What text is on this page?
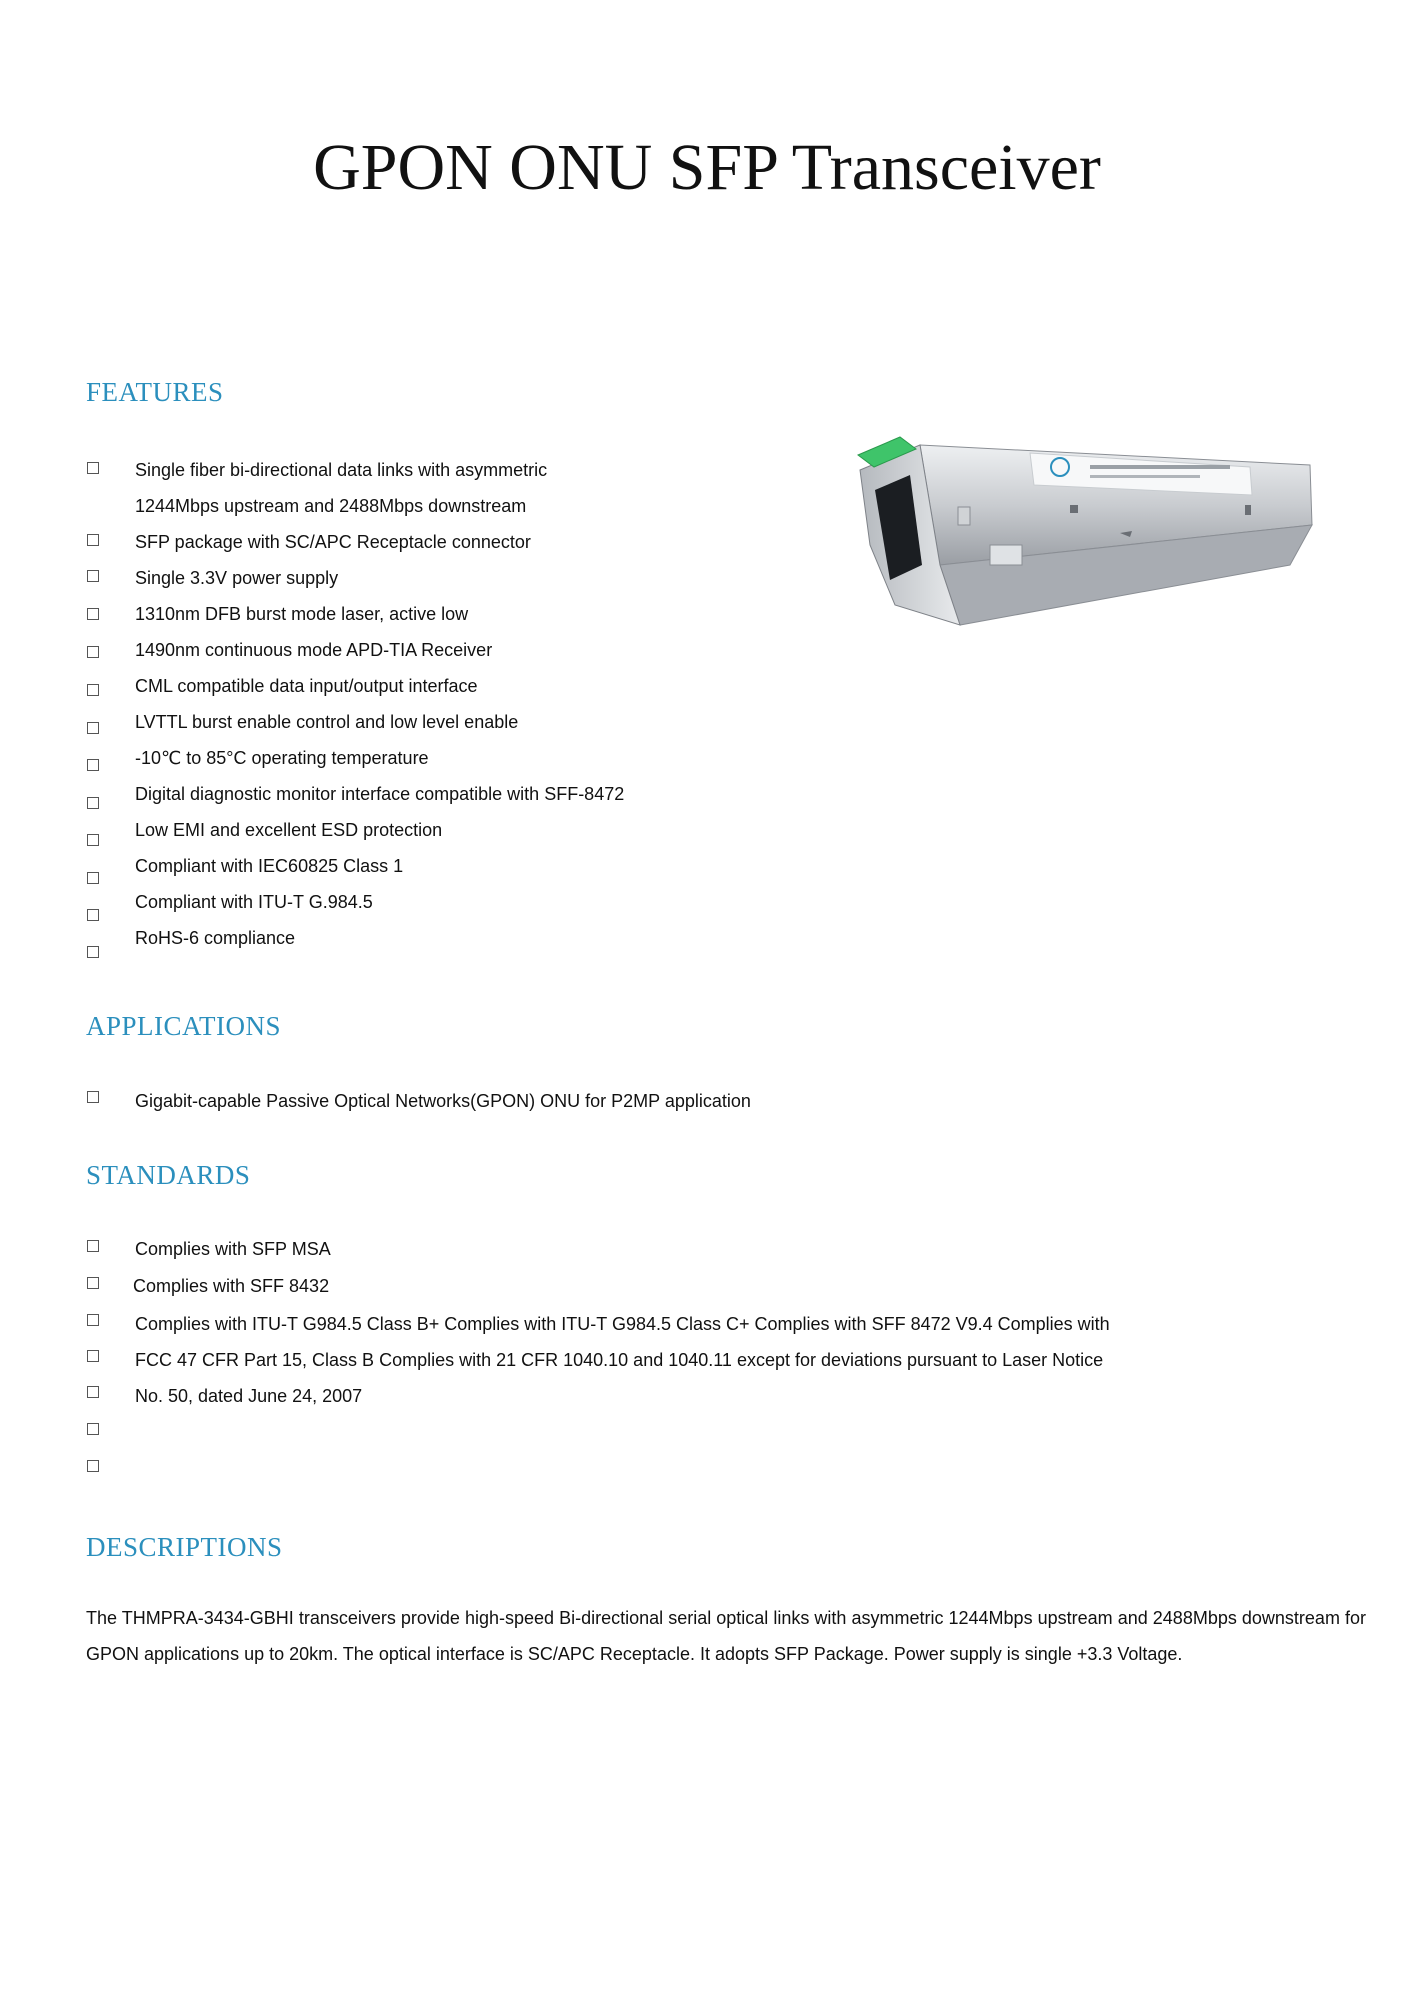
GPON ONU SFP Transceiver
FEATURES
Single fiber bi-directional data links with asymmetric
1244Mbps upstream and 2488Mbps downstream
SFP package with SC/APC Receptacle connector
Single 3.3V power supply
1310nm DFB burst mode laser, active low
1490nm continuous mode APD-TIA Receiver
CML compatible data input/output interface
LVTTL burst enable control and low level enable
-10℃ to 85°C operating temperature
Digital diagnostic monitor interface compatible with SFF-8472
Low EMI and excellent ESD protection
Compliant with IEC60825 Class 1
Compliant with ITU-T G.984.5
RoHS-6 compliance
APPLICATIONS
Gigabit-capable Passive Optical Networks(GPON) ONU for P2MP application
STANDARDS
Complies with SFP MSA
Complies with SFF 8432
Complies with ITU-T G984.5 Class B+ Complies with ITU-T G984.5 Class C+ Complies with SFF 8472 V9.4 Complies with
FCC 47 CFR Part 15, Class B Complies with 21 CFR 1040.10 and 1040.11 except for deviations pursuant to Laser Notice
No. 50, dated June 24, 2007
DESCRIPTIONS
The THMPRA-3434-GBHI transceivers provide high-speed Bi-directional serial optical links with asymmetric 1244Mbps upstream and 2488Mbps downstream for GPON applications up to 20km. The optical interface is SC/APC Receptacle. It adopts SFP Package. Power supply is single +3.3 Voltage.
